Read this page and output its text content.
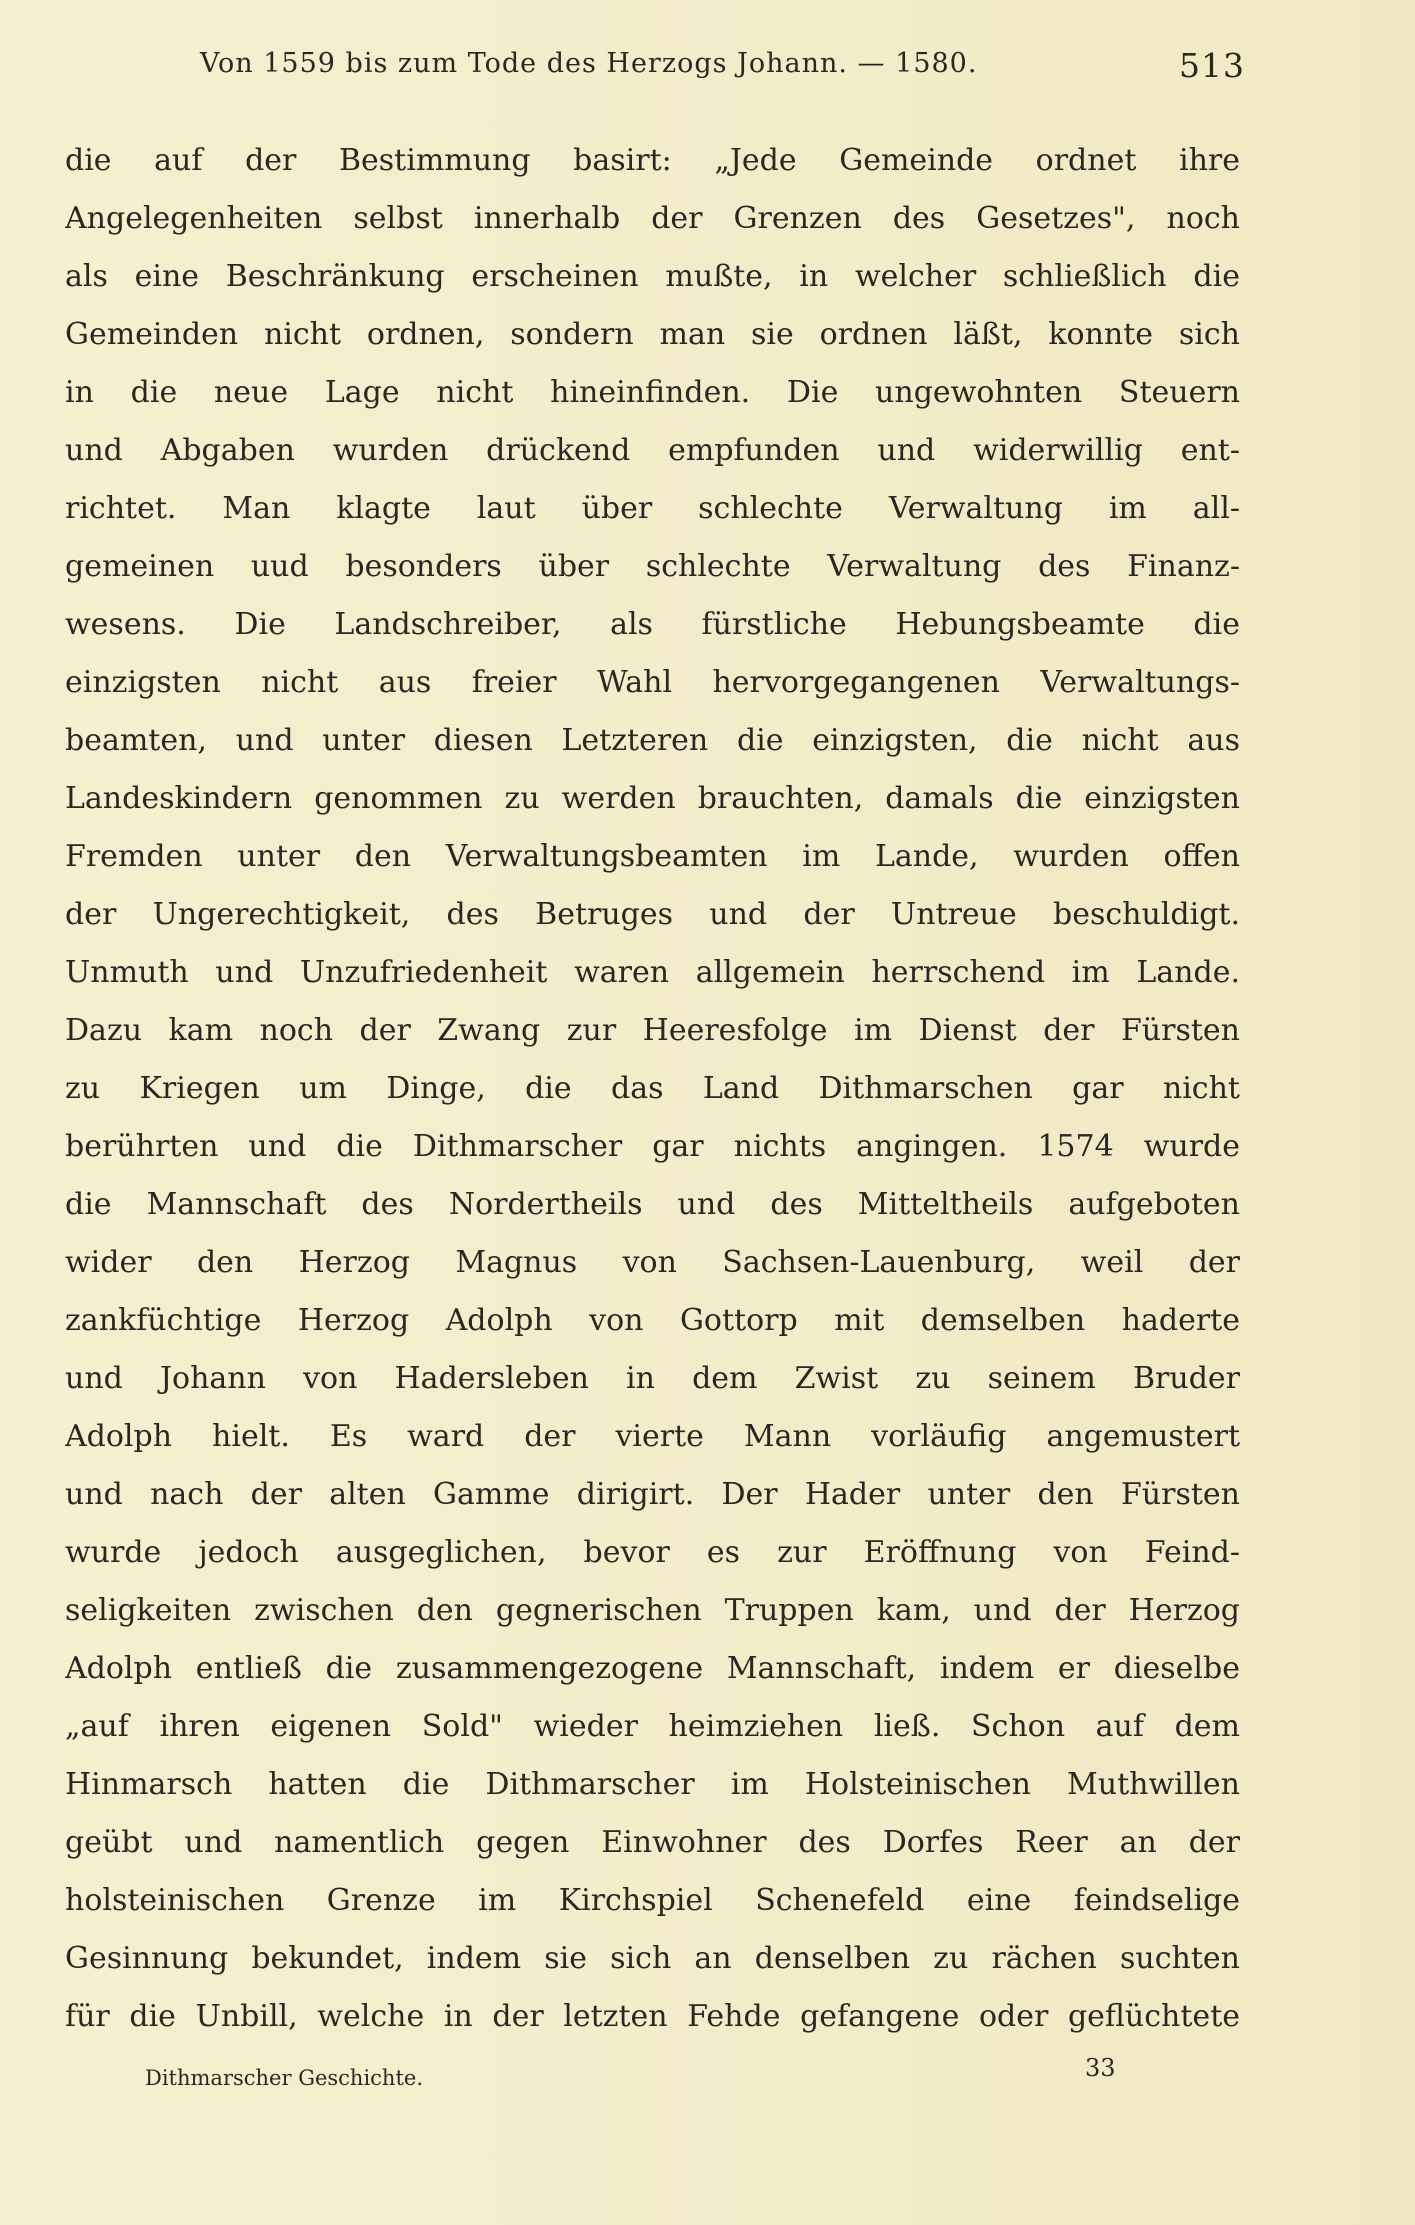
Von 1559 bis zum Tode des Herzogs Johann. — 1580.	513
die auf der Bestimmung basirt: „Jede Gemeinde ordnet ihre
Angelegenheiten selbst innerhalb der Grenzen des Gesetzes", noch
als eine Beschränkung erscheinen mußte, in welcher schließlich die
Gemeinden nicht ordnen, sondern man sie ordnen läßt, konnte sich
in die neue Lage nicht hineinfinden. Die ungewohnten Steuern
und Abgaben wurden drückend empfunden und widerwillig ent-
richtet. Man klagte laut über schlechte Verwaltung im all-
gemeinen uud besonders über schlechte Verwaltung des Finanz-
wesens. Die Landschreiber, als fürstliche Hebungsbeamte die
einzigsten nicht aus freier Wahl hervorgegangenen Verwaltungs-
beamten, und unter diesen Letzteren die einzigsten, die nicht aus
Landeskindern genommen zu werden brauchten, damals die einzigsten
Fremden unter den Verwaltungsbeamten im Lande, wurden offen
der Ungerechtigkeit, des Betruges und der Untreue beschuldigt.
Unmuth und Unzufriedenheit waren allgemein herrschend im Lande.
Dazu kam noch der Zwang zur Heeresfolge im Dienst der Fürsten
zu Kriegen um Dinge, die das Land Dithmarschen gar nicht
berührten und die Dithmarscher gar nichts angingen. 1574 wurde
die Mannschaft des Nordertheils und des Mitteltheils aufgeboten
wider den Herzog Magnus von Sachsen-Lauenburg, weil der
zankfüchtige Herzog Adolph von Gottorp mit demselben haderte
und Johann von Hadersleben in dem Zwist zu seinem Bruder
Adolph hielt. Es ward der vierte Mann vorläufig angemustert
und nach der alten Gamme dirigirt. Der Hader unter den Fürsten
wurde jedoch ausgeglichen, bevor es zur Eröffnung von Feind-
seligkeiten zwischen den gegnerischen Truppen kam, und der Herzog
Adolph entließ die zusammengezogene Mannschaft, indem er dieselbe
„auf ihren eigenen Sold" wieder heimziehen ließ. Schon auf dem
Hinmarsch hatten die Dithmarscher im Holsteinischen Muthwillen
geübt und namentlich gegen Einwohner des Dorfes Reer an der
holsteinischen Grenze im Kirchspiel Schenefeld eine feindselige
Gesinnung bekundet, indem sie sich an denselben zu rächen suchten
für die Unbill, welche in der letzten Fehde gefangene oder geflüchtete
Dithmarscher Geschichte.	33
